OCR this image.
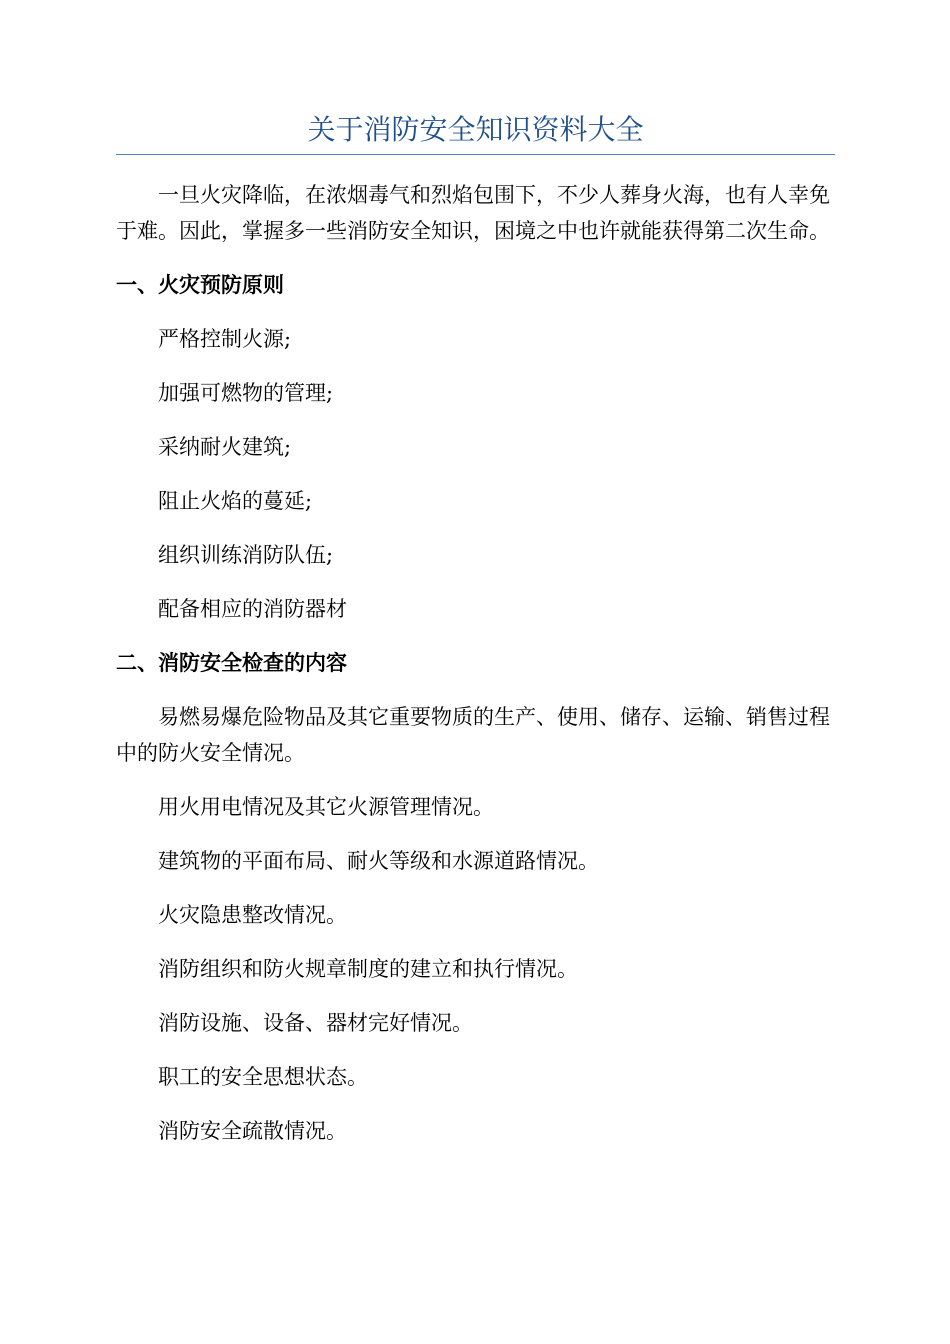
关于消防安全知识资料大全

一旦火灾降临，在浓烟毒气和烈焰包围下，不少人葬身火海，也有人幸免于难。因此，掌握多一些消防安全知识，困境之中也许就能获得第二次生命。

一、火灾预防原则

严格控制火源;

加强可燃物的管理;

采纳耐火建筑;

阻止火焰的蔓延;

组织训练消防队伍;

配备相应的消防器材

二、消防安全检查的内容

易燃易爆危险物品及其它重要物质的生产、使用、储存、运输、销售过程中的防火安全情况。

用火用电情况及其它火源管理情况。

建筑物的平面布局、耐火等级和水源道路情况。

火灾隐患整改情况。

消防组织和防火规章制度的建立和执行情况。

消防设施、设备、器材完好情况。

职工的安全思想状态。

消防安全疏散情况。
